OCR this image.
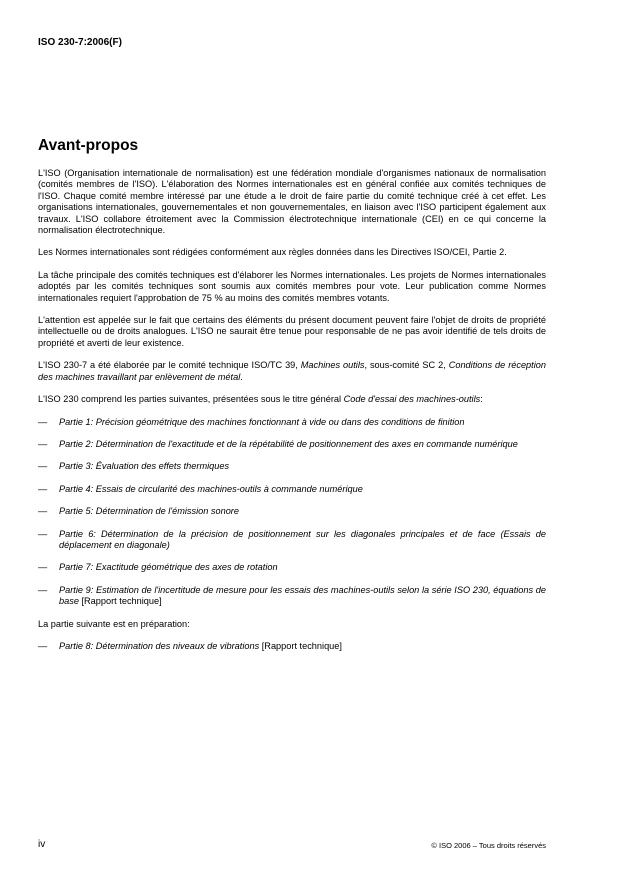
ISO 230-7:2006(F)
Avant-propos

L'ISO (Organisation internationale de normalisation) est une fédération mondiale d'organismes nationaux de normalisation (comités membres de l'ISO). L'élaboration des Normes internationales est en général confiée aux comités techniques de l'ISO. Chaque comité membre intéressé par une étude a le droit de faire partie du comité technique créé à cet effet. Les organisations internationales, gouvernementales et non gouvernementales, en liaison avec l'ISO participent également aux travaux. L'ISO collabore étroitement avec la Commission électrotechnique internationale (CEI) en ce qui concerne la normalisation électrotechnique.

Les Normes internationales sont rédigées conformément aux règles données dans les Directives ISO/CEI, Partie 2.

La tâche principale des comités techniques est d'élaborer les Normes internationales. Les projets de Normes internationales adoptés par les comités techniques sont soumis aux comités membres pour vote. Leur publication comme Normes internationales requiert l'approbation de 75 % au moins des comités membres votants.

L'attention est appelée sur le fait que certains des éléments du présent document peuvent faire l'objet de droits de propriété intellectuelle ou de droits analogues. L'ISO ne saurait être tenue pour responsable de ne pas avoir identifié de tels droits de propriété et averti de leur existence.

L'ISO 230-7 a été élaborée par le comité technique ISO/TC 39, Machines outils, sous-comité SC 2, Conditions de réception des machines travaillant par enlèvement de métal.

L'ISO 230 comprend les parties suivantes, présentées sous le titre général Code d'essai des machines-outils:

—	Partie 1: Précision géométrique des machines fonctionnant à vide ou dans des conditions de finition
—	Partie 2: Détermination de l'exactitude et de la répétabilité de positionnement des axes en commande numérique
—	Partie 3: Évaluation des effets thermiques
—	Partie 4: Essais de circularité des machines-outils à commande numérique
—	Partie 5: Détermination de l'émission sonore
—	Partie 6: Détermination de la précision de positionnement sur les diagonales principales et de face (Essais de déplacement en diagonale)
—	Partie 7: Exactitude géométrique des axes de rotation
—	Partie 9: Estimation de l'incertitude de mesure pour les essais des machines-outils selon la série ISO 230, équations de base [Rapport technique]

La partie suivante est en préparation:

—	Partie 8: Détermination des niveaux de vibrations [Rapport technique]
iv	© ISO 2006 – Tous droits réservés
